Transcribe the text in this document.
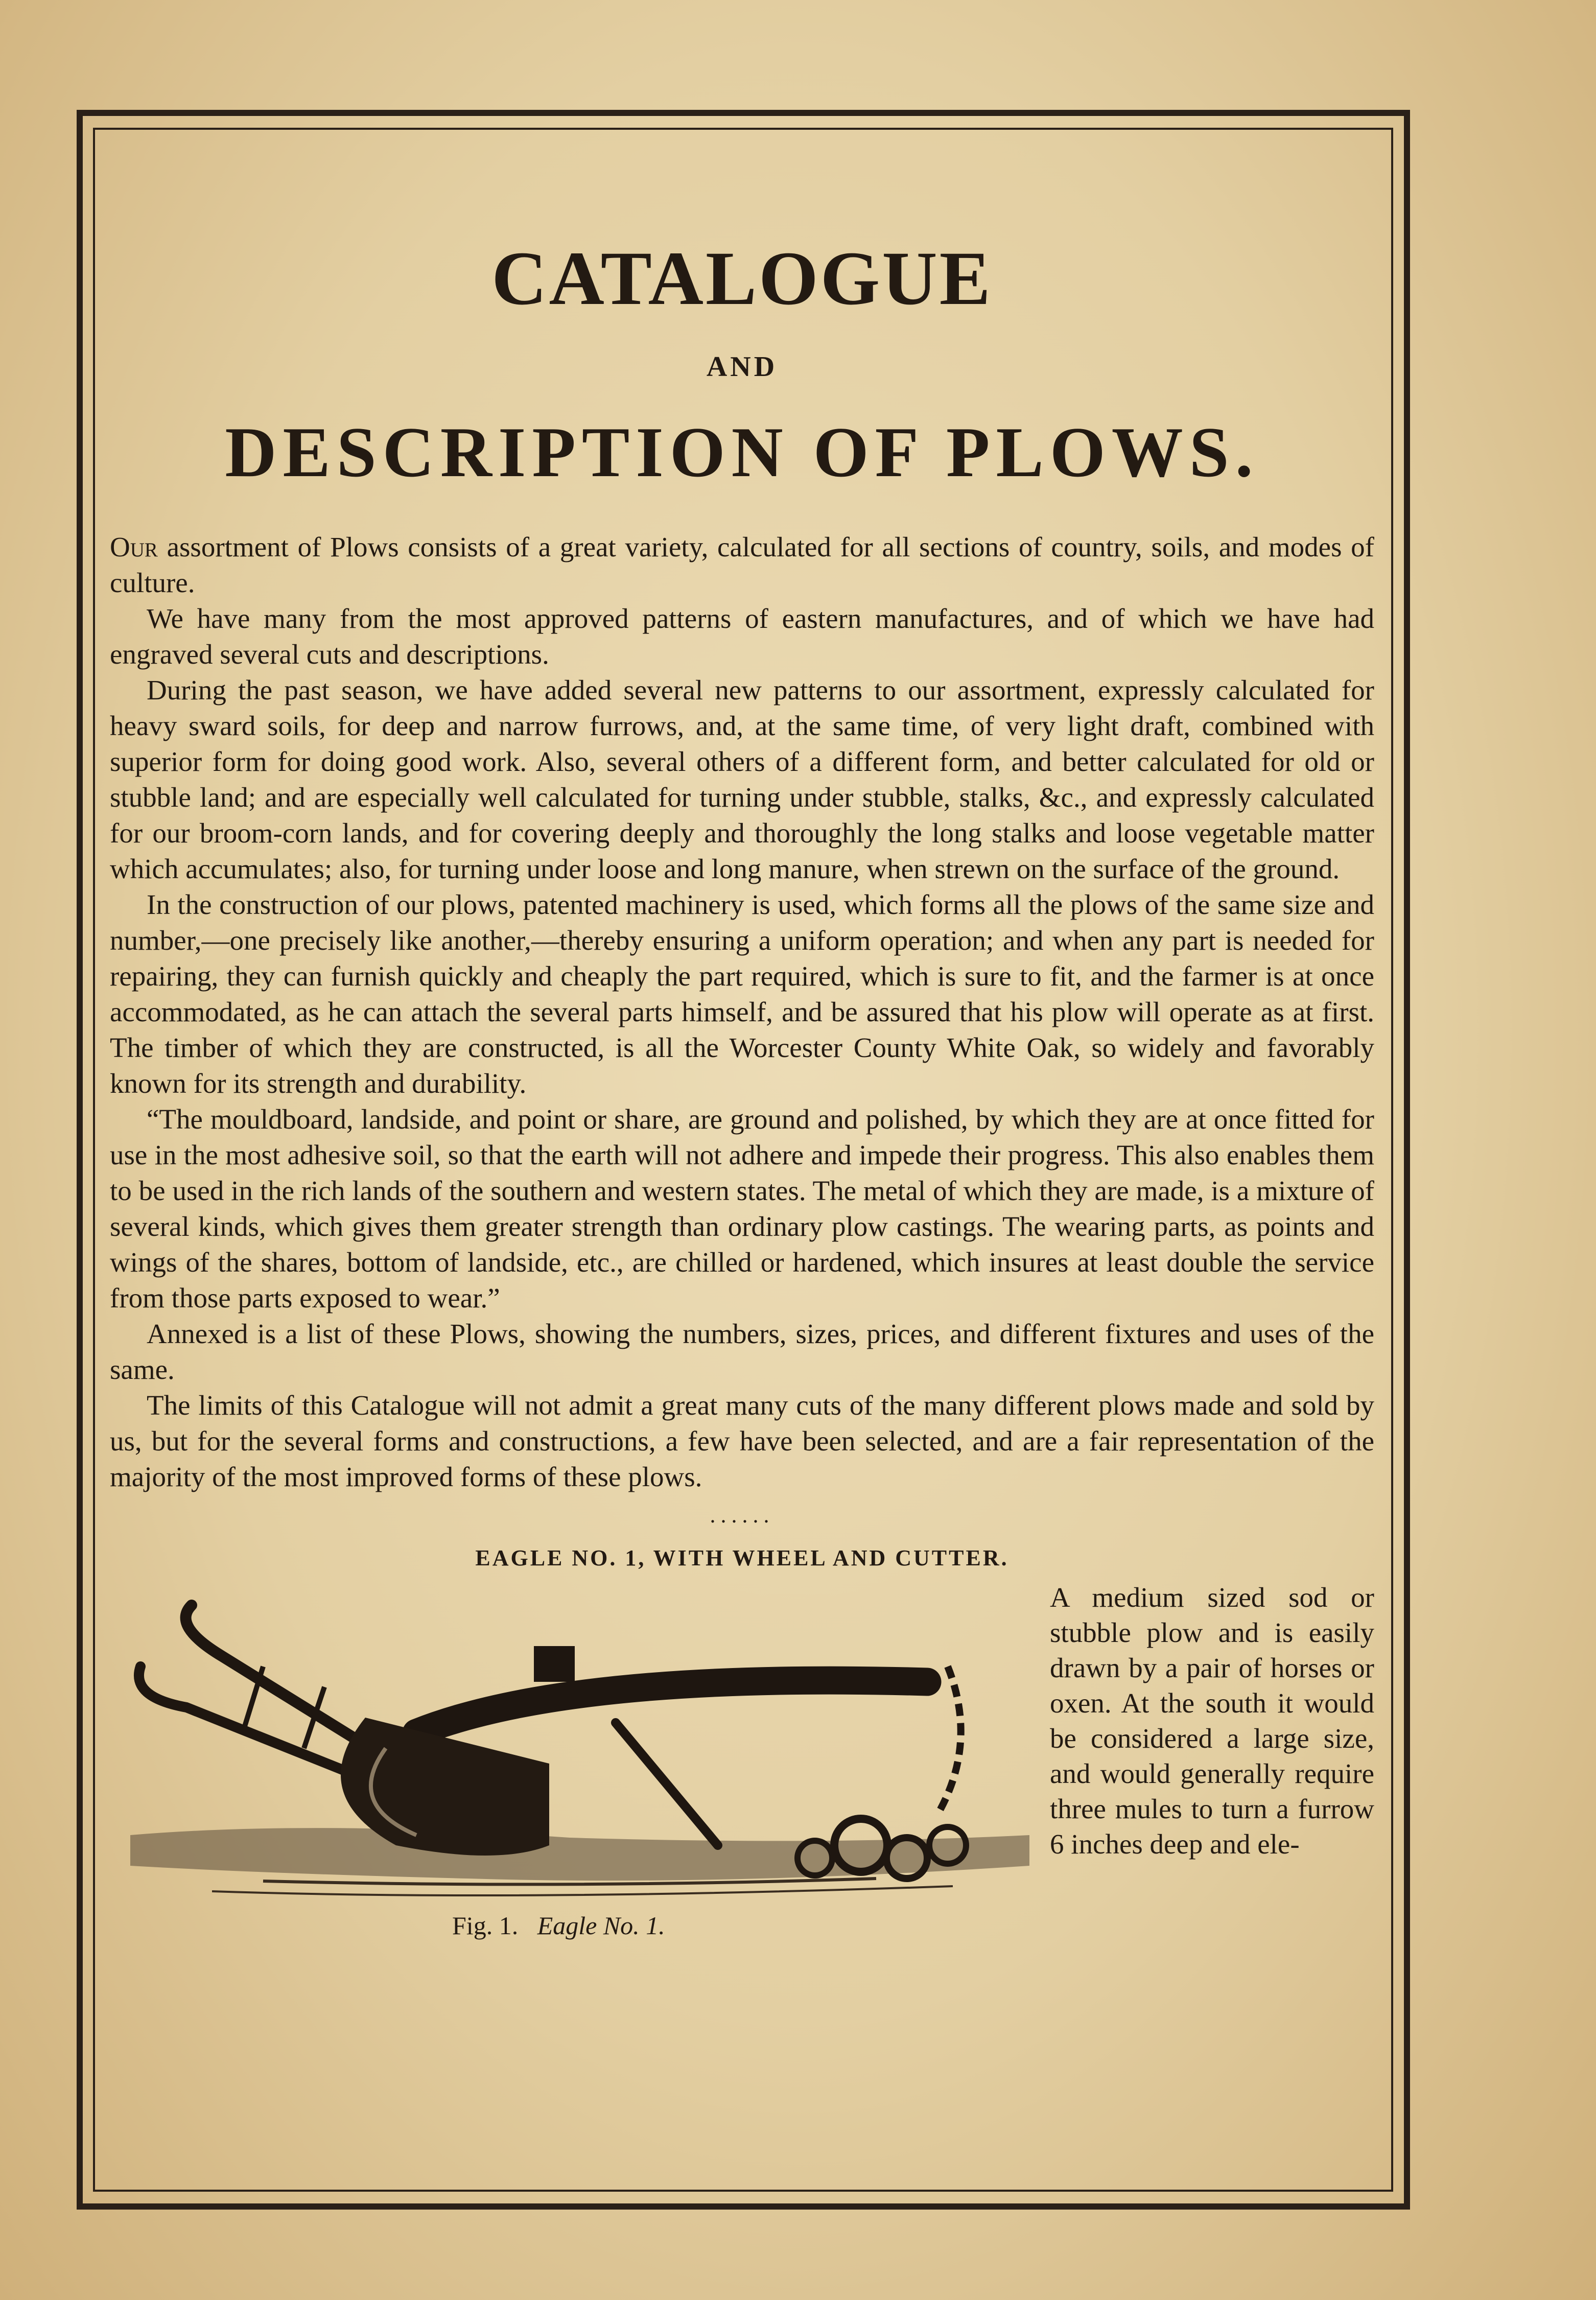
CATALOGUE
AND
DESCRIPTION OF PLOWS.

Our assortment of Plows consists of a great variety, calculated for all sections of country, soils, and modes of culture.

We have many from the most approved patterns of eastern manufactures, and of which we have had engraved several cuts and descriptions.

During the past season, we have added several new patterns to our assortment, expressly calculated for heavy sward soils, for deep and narrow furrows, and, at the same time, of very light draft, combined with superior form for doing good work. Also, several others of a different form, and better calculated for old or stubble land; and are especially well calculated for turning under stubble, stalks, &c., and expressly calculated for our broom-corn lands, and for covering deeply and thoroughly the long stalks and loose vegetable matter which accumulates; also, for turning under loose and long manure, when strewn on the surface of the ground.

In the construction of our plows, patented machinery is used, which forms all the plows of the same size and number,—one precisely like another,—thereby ensuring a uniform operation; and when any part is needed for repairing, they can furnish quickly and cheaply the part required, which is sure to fit, and the farmer is at once accommodated, as he can attach the several parts himself, and be assured that his plow will operate as at first. The timber of which they are constructed, is all the Worcester County White Oak, so widely and favorably known for its strength and durability.

“The mouldboard, landside, and point or share, are ground and polished, by which they are at once fitted for use in the most adhesive soil, so that the earth will not adhere and impede their progress. This also enables them to be used in the rich lands of the southern and western states. The metal of which they are made, is a mixture of several kinds, which gives them greater strength than ordinary plow castings. The wearing parts, as points and wings of the shares, bottom of landside, etc., are chilled or hardened, which insures at least double the service from those parts exposed to wear.”

Annexed is a list of these Plows, showing the numbers, sizes, prices, and different fixtures and uses of the same.

The limits of this Catalogue will not admit a great many cuts of the many different plows made and sold by us, but for the several forms and constructions, a few have been selected, and are a fair representation of the majority of the most improved forms of these plows.

......
EAGLE NO. 1, WITH WHEEL AND CUTTER.
Fig. 1. Eagle No. 1.
A medium sized sod or stubble plow and is easily drawn by a pair of horses or oxen. At the south it would be considered a large size, and would generally require three mules to turn a furrow 6 inches deep and ele-
